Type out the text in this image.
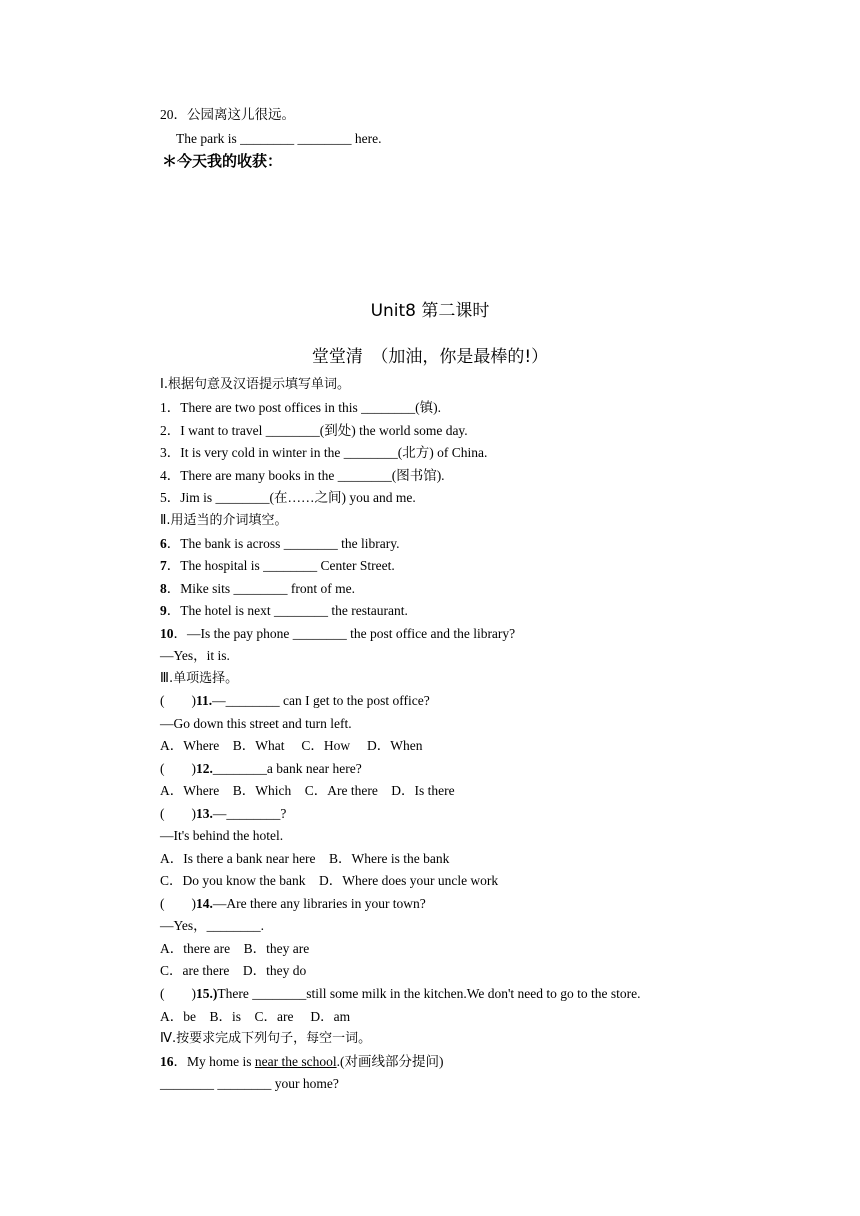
20．公园离这儿很远。
The park is ________ ________ here.
＊今天我的收获：
Unit8 第二课时
堂堂清　（加油，你是最棒的!）
Ⅰ.根据句意及汉语提示填写单词。
1．There are two post offices in this ________(镇).
2．I want to travel ________(到处) the world some day.
3．It is very cold in winter in the ________(北方) of China.
4．There are many books in the ________(图书馆).
5．Jim is ________(在……之间) you and me.
Ⅱ.用适当的介词填空。
6．The bank is across ________ the library.
7．The hospital is ________ Center Street.
8．Mike sits ________ front of me.
9．The hotel is next ________ the restaurant.
10．—Is the pay phone ________ the post office and the library?
—Yes，it is.
Ⅲ.单项选择。
(　　)11.—________ can I get to the post office?
—Go down this street and turn left.
A．Where　B．What　 C．How　 D．When
(　　)12.________a bank near here?
A．Where　B．Which　C．Are there　D．Is there
(　　)13.—________?
—It's behind the hotel.
A．Is there a bank near here　B．Where is the bank
C．Do you know the bank　D．Where does your uncle work
(　　)14.—Are there any libraries in your town?
—Yes，________.
A．there are　B．they are
C．are there　D．they do
(　　)15.)There ________still some milk in the kitchen.We don't need to go to the store.
A．be　B．is　C．are　 D．am
Ⅳ.按要求完成下列句子，每空一词。
16．My home is near the school.(对画线部分提问)
________ ________ your home?
